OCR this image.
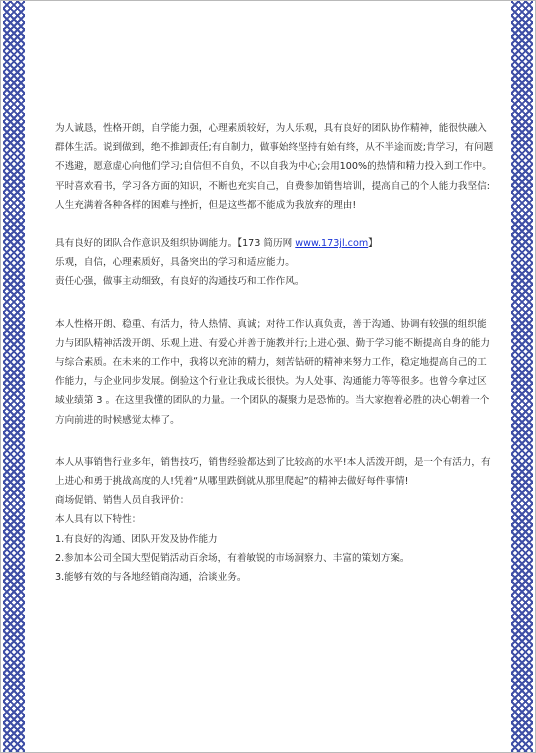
为人诚恳，性格开朗，自学能力强，心理素质较好，为人乐观，具有良好的团队协作精神，能很快融入群体生活。说到做到，绝不推卸责任;有自制力，做事始终坚持有始有终，从不半途而废;肯学习，有问题不逃避，愿意虚心向他们学习;自信但不自负，不以自我为中心;会用100%的热情和精力投入到工作中。平时喜欢看书，学习各方面的知识，不断也充实自己，自费参加销售培训，提高自己的个人能力我坚信:人生充满着各种各样的困难与挫折，但是这些都不能成为我放弃的理由!

具有良好的团队合作意识及组织协调能力。【173 简历网 www.173jl.com】

乐观，自信，心理素质好，具备突出的学习和适应能力。

责任心强，做事主动细致，有良好的沟通技巧和工作作风。

本人性格开朗、稳重、有活力，待人热情、真诚；对待工作认真负责，善于沟通、协调有较强的组织能力与团队精神活泼开朗、乐观上进、有爱心并善于施教并行;上进心强、勤于学习能不断提高自身的能力与综合素质。在未来的工作中，我将以充沛的精力，刻苦钻研的精神来努力工作，稳定地提高自己的工作能力，与企业同步发展。倒验这个行业让我成长很快。为人处事、沟通能力等等很多。也曾今拿过区域业绩第 3 。在这里我懂的团队的力量。一个团队的凝聚力是恐怖的。当大家抱着必胜的决心朝着一个方向前进的时候感觉太棒了。

本人从事销售行业多年，销售技巧，销售经验都达到了比较高的水平!本人活泼开朗，是一个有活力，有上进心和勇于挑战高度的人!凭着“从哪里跌倒就从那里爬起”的精神去做好每件事情!

商场促销、销售人员自我评价：

本人具有以下特性：

1.有良好的沟通、团队开发及协作能力

2.参加本公司全国大型促销活动百余场，有着敏锐的市场洞察力、丰富的策划方案。

3.能够有效的与各地经销商沟通，洽谈业务。
